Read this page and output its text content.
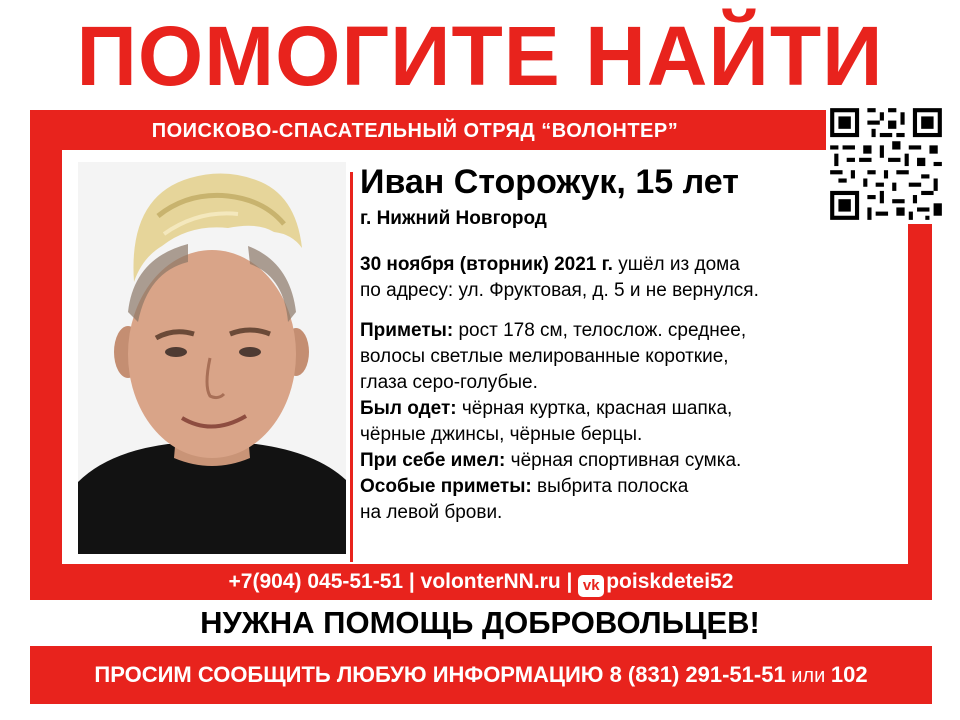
ПОМОГИТЕ НАЙТИ
ПОИСКОВО-СПАСАТЕЛЬНЫЙ ОТРЯД “ВОЛОНТЕР”
Иван Сторожук, 15 лет
г. Нижний Новгород
30 ноября (вторник) 2021 г. ушёл из дома
по адресу: ул. Фруктовая, д. 5 и не вернулся.
Приметы: рост 178 см, телослож. среднее,
волосы светлые мелированные короткие,
глаза серо-голубые.
Был одет: чёрная куртка, красная шапка,
чёрные джинсы, чёрные берцы.
При себе имел: чёрная спортивная сумка.
Особые приметы: выбрита полоска
на левой брови.
+7(904) 045-51-51 | volonterNN.ru | vk poiskdetei52
НУЖНА ПОМОЩЬ ДОБРОВОЛЬЦЕВ!
ПРОСИМ СООБЩИТЬ ЛЮБУЮ ИНФОРМАЦИЮ 8 (831) 291-51-51 или 102
